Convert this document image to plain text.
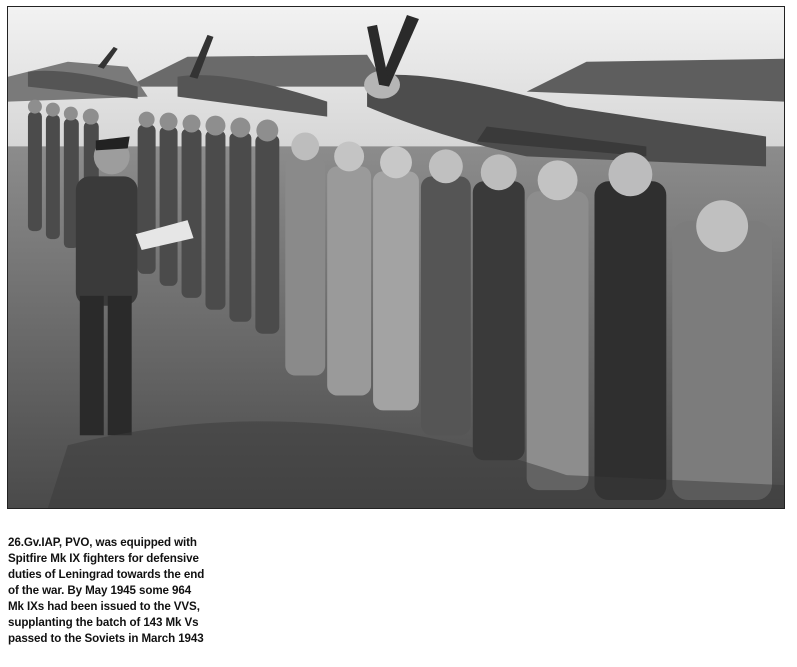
26.Gv.IAP, PVO, was equipped with
Spitfire Mk IX fighters for defensive
duties of Leningrad towards the end
of the war. By May 1945 some 964
Mk IXs had been issued to the VVS,
supplanting the batch of 143 Mk Vs
passed to the Soviets in March 1943
